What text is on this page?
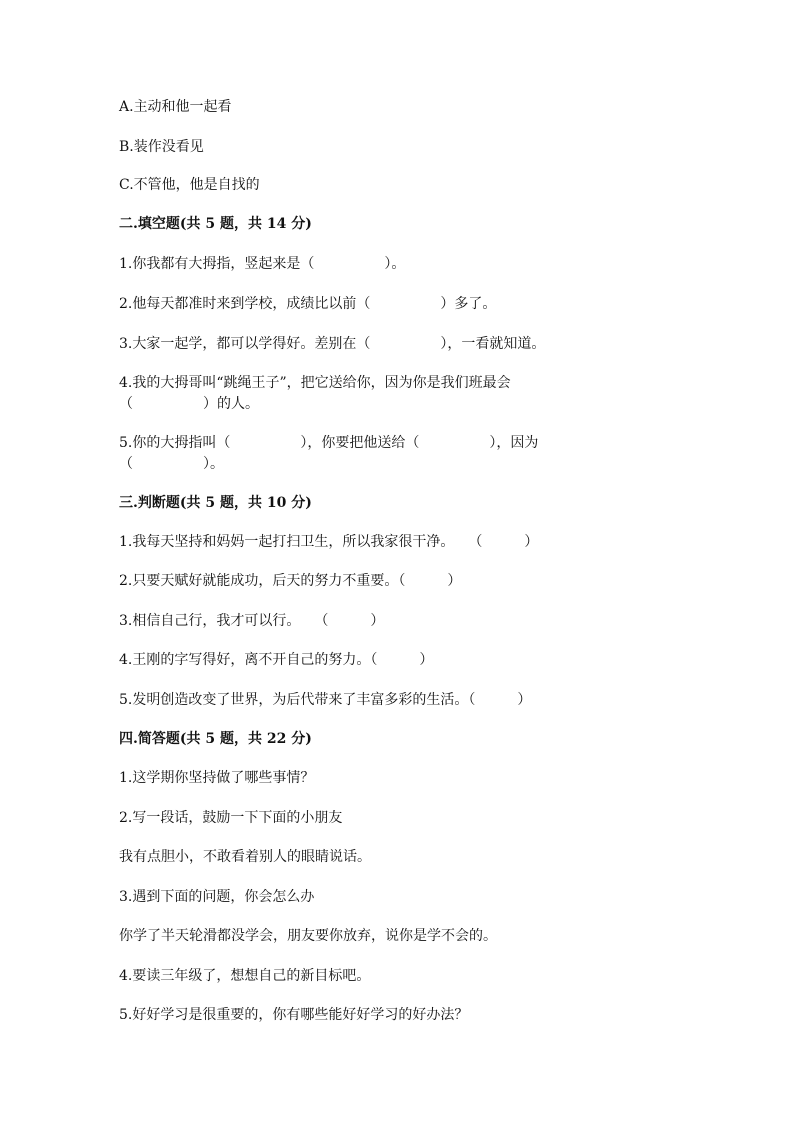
A.主动和他一起看
B.装作没看见
C.不管他，他是自找的
二.填空题(共 5 题，共 14 分)
1.你我都有大拇指，竖起来是（　　　　　）。
2.他每天都准时来到学校，成绩比以前（　　　　　）多了。
3.大家一起学，都可以学得好。差别在（　　　　　），一看就知道。
4.我的大拇哥叫“跳绳王子”，把它送给你，因为你是我们班最会
（　　　　　）的人。
5.你的大拇指叫（　　　　　），你要把他送给（　　　　　），因为
（　　　　　）。
三.判断题(共 5 题，共 10 分)
1.我每天坚持和妈妈一起打扫卫生，所以我家很干净。　　（　　　）
2.只要天赋好就能成功，后天的努力不重要。（　　　）
3.相信自己行，我才可以行。　　（　　　）
4.王刚的字写得好，离不开自己的努力。（　　　）
5.发明创造改变了世界，为后代带来了丰富多彩的生活。（　　　）
四.简答题(共 5 题，共 22 分)
1.这学期你坚持做了哪些事情？
2.写一段话，鼓励一下下面的小朋友
我有点胆小，不敢看着别人的眼睛说话。
3.遇到下面的问题，你会怎么办
你学了半天轮滑都没学会，朋友要你放弃，说你是学不会的。
4.要读三年级了，想想自己的新目标吧。
5.好好学习是很重要的，你有哪些能好好学习的好办法？
